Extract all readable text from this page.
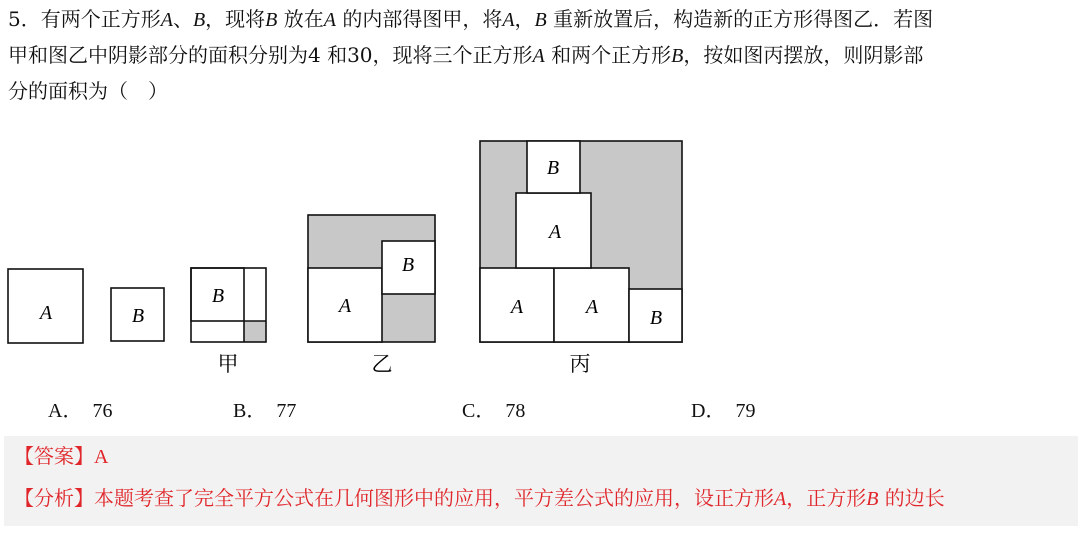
5．有两个正方形A、B，现将B 放在A 的内部得图甲，将A，B 重新放置后，构造新的正方形得图乙．若图

甲和图乙中阴影部分的面积分别为4 和30，现将三个正方形A 和两个正方形B，按如图丙摆放，则阴影部

分的面积为（　）

A	B
B	A
B
B
A
A	A	B
甲	乙	丙
A． 76	B． 77	C． 78	D． 79
【答案】A
【分析】本题考查了完全平方公式在几何图形中的应用，平方差公式的应用，设正方形A，正方形B 的边长
